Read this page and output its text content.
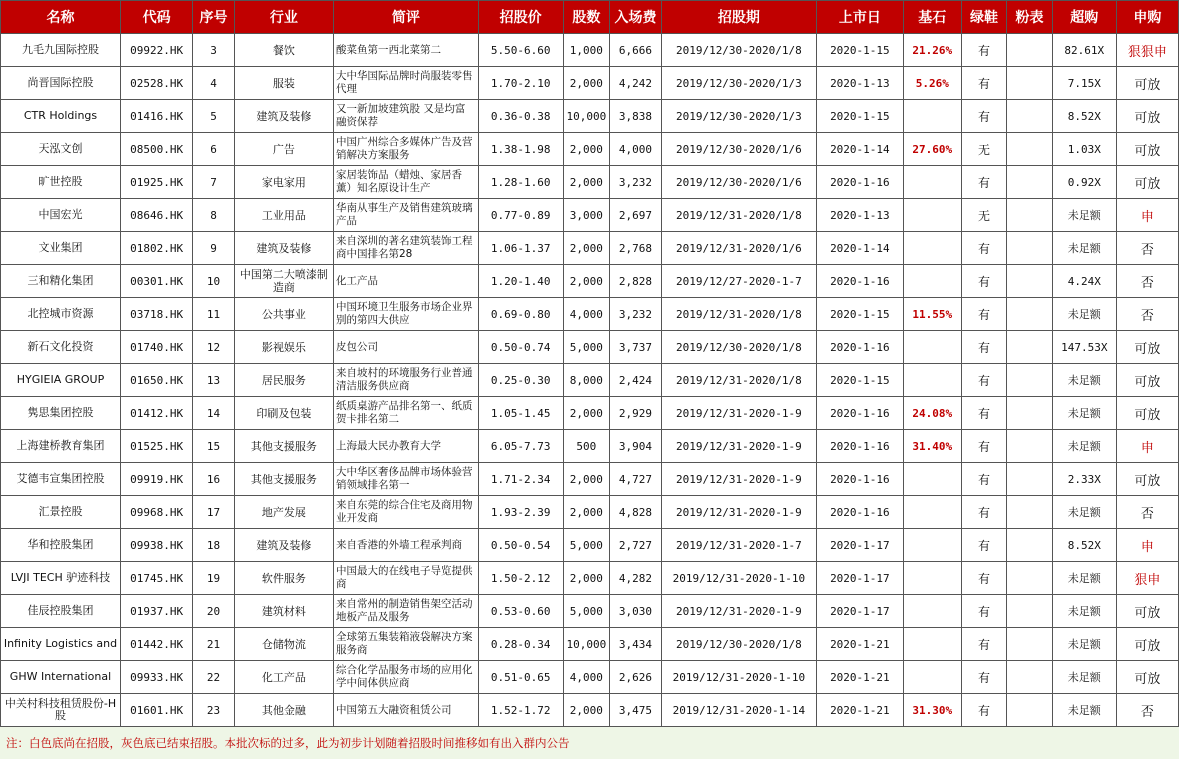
名称	代码	序号	行业	简评	招股价	股数	入场费	招股期	上市日	基石	绿鞋	粉表	超购	申购
九毛九国际控股	09922.HK	3	餐饮	酸菜鱼第一西北菜第二	5.50-6.60	1,000	6,666	2019/12/30-2020/1/8	2020-1-15	21.26%	有		82.61X	狠狠申
尚晋国际控股	02528.HK	4	服装	大中华国际品牌时尚服装零售代理	1.70-2.10	2,000	4,242	2019/12/30-2020/1/3	2020-1-13	5.26%	有		7.15X	可放
CTR Holdings	01416.HK	5	建筑及装修	又一新加坡建筑股 又是均富融资保荐	0.36-0.38	10,000	3,838	2019/12/30-2020/1/3	2020-1-15		有		8.52X	可放
天泓文创	08500.HK	6	广告	中国广州综合多媒体广告及营销解决方案服务	1.38-1.98	2,000	4,000	2019/12/30-2020/1/6	2020-1-14	27.60%	无		1.03X	可放
旷世控股	01925.HK	7	家电家用	家居装饰品（蜡烛、家居香薰）知名原设计生产	1.28-1.60	2,000	3,232	2019/12/30-2020/1/6	2020-1-16		有		0.92X	可放
中国宏光	08646.HK	8	工业用品	华南从事生产及销售建筑玻璃产品	0.77-0.89	3,000	2,697	2019/12/31-2020/1/8	2020-1-13		无		未足额	申
文业集团	01802.HK	9	建筑及装修	来自深圳的著名建筑装饰工程商中国排名第28	1.06-1.37	2,000	2,768	2019/12/31-2020/1/6	2020-1-14		有		未足额	否
三和精化集团	00301.HK	10	中国第二大喷漆制造商	化工产品	1.20-1.40	2,000	2,828	2019/12/27-2020-1-7	2020-1-16		有		4.24X	否
北控城市资源	03718.HK	11	公共事业	中国环境卫生服务市场企业界别的第四大供应	0.69-0.80	4,000	3,232	2019/12/31-2020/1/8	2020-1-15	11.55%	有		未足额	否
新石文化投资	01740.HK	12	影视娱乐	皮包公司	0.50-0.74	5,000	3,737	2019/12/30-2020/1/8	2020-1-16		有		147.53X	可放
HYGIEIA GROUP	01650.HK	13	居民服务	来自坡村的环境服务行业普通清洁服务供应商	0.25-0.30	8,000	2,424	2019/12/31-2020/1/8	2020-1-15		有		未足额	可放
隽思集团控股	01412.HK	14	印刷及包装	纸质桌游产品排名第一、纸质贺卡排名第二	1.05-1.45	2,000	2,929	2019/12/31-2020-1-9	2020-1-16	24.08%	有		未足额	可放
上海建桥教育集团	01525.HK	15	其他支援服务	上海最大民办教育大学	6.05-7.73	500	3,904	2019/12/31-2020-1-9	2020-1-16	31.40%	有		未足额	申
艾德韦宣集团控股	09919.HK	16	其他支援服务	大中华区奢侈品牌市场体验营销领域排名第一	1.71-2.34	2,000	4,727	2019/12/31-2020-1-9	2020-1-16		有		2.33X	可放
汇景控股	09968.HK	17	地产发展	来自东莞的综合住宅及商用物业开发商	1.93-2.39	2,000	4,828	2019/12/31-2020-1-9	2020-1-16		有		未足额	否
华和控股集团	09938.HK	18	建筑及装修	来自香港的外墙工程承判商	0.50-0.54	5,000	2,727	2019/12/31-2020-1-7	2020-1-17		有		8.52X	申
LVJI TECH 驴迹科技	01745.HK	19	软件服务	中国最大的在线电子导览提供商	1.50-2.12	2,000	4,282	2019/12/31-2020-1-10	2020-1-17		有		未足额	狠申
佳辰控股集团	01937.HK	20	建筑材料	来自常州的制造销售架空活动地板产品及服务	0.53-0.60	5,000	3,030	2019/12/31-2020-1-9	2020-1-17		有		未足额	可放
Infinity Logistics and	01442.HK	21	仓储物流	全球第五集装箱液袋解决方案服务商	0.28-0.34	10,000	3,434	2019/12/30-2020/1/8	2020-1-21		有		未足额	可放
GHW International	09933.HK	22	化工产品	综合化学品服务市场的应用化学中间体供应商	0.51-0.65	4,000	2,626	2019/12/31-2020-1-10	2020-1-21		有		未足额	可放
中关村科技租赁股份-H股	01601.HK	23	其他金融	中国第五大融资租赁公司	1.52-1.72	2,000	3,475	2019/12/31-2020-1-14	2020-1-21	31.30%	有		未足额	否
注：白色底尚在招股，灰色底已结束招股。本批次标的过多，此为初步计划随着招股时间推移如有出入群内公告
